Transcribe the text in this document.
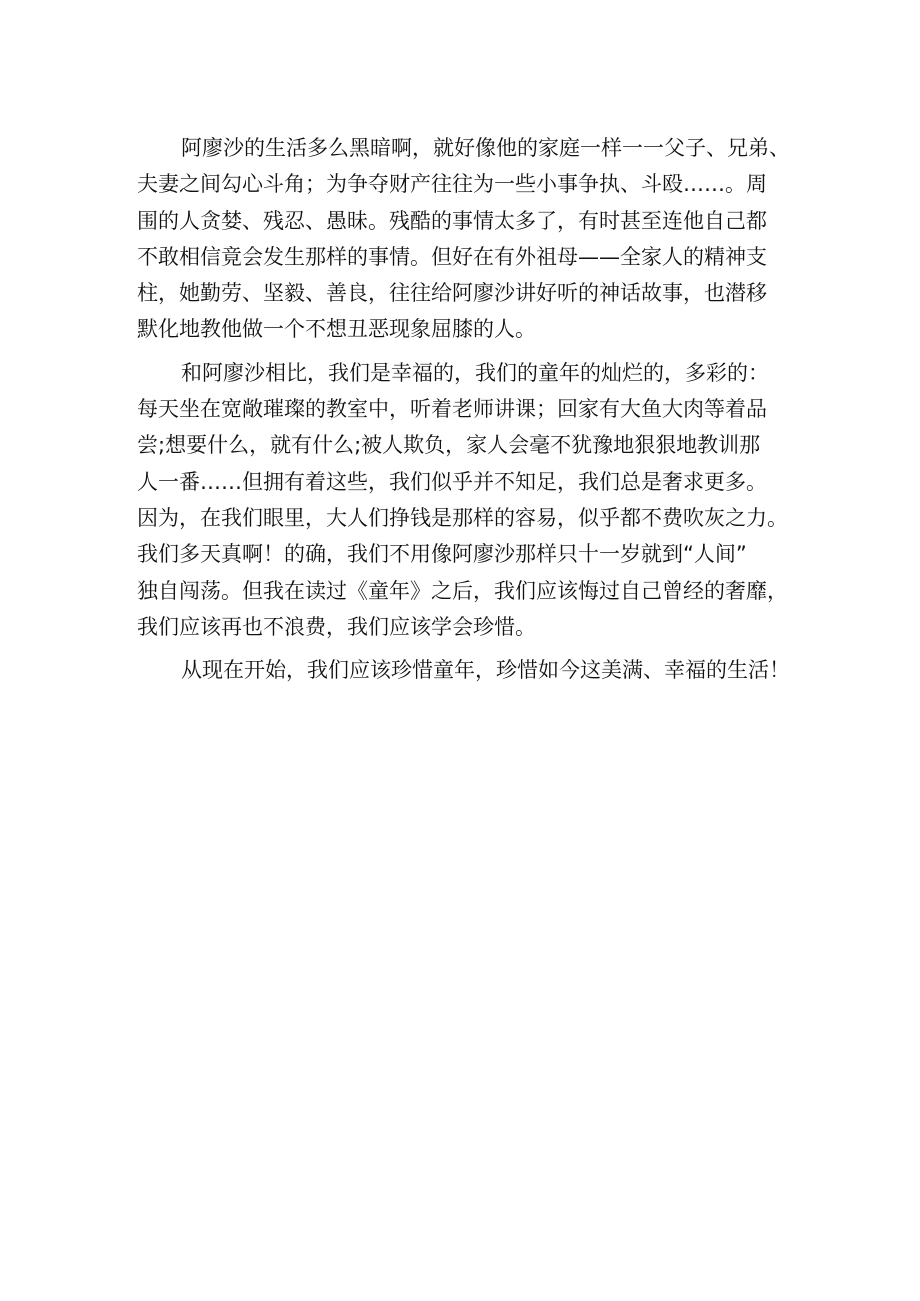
阿廖沙的生活多么黑暗啊，就好像他的家庭一样一一父子、兄弟、
夫妻之间勾心斗角；为争夺财产往往为一些小事争执、斗殴……。周
围的人贪婪、残忍、愚昧。残酷的事情太多了，有时甚至连他自己都
不敢相信竟会发生那样的事情。但好在有外祖母——全家人的精神支
柱，她勤劳、坚毅、善良，往往给阿廖沙讲好听的神话故事，也潜移
默化地教他做一个不想丑恶现象屈膝的人。

和阿廖沙相比，我们是幸福的，我们的童年的灿烂的，多彩的：
每天坐在宽敞璀璨的教室中，听着老师讲课；回家有大鱼大肉等着品
尝;想要什么，就有什么;被人欺负，家人会毫不犹豫地狠狠地教训那
人一番……但拥有着这些，我们似乎并不知足，我们总是奢求更多。
因为，在我们眼里，大人们挣钱是那样的容易，似乎都不费吹灰之力。
我们多天真啊！的确，我们不用像阿廖沙那样只十一岁就到“人间”
独自闯荡。但我在读过《童年》之后，我们应该悔过自己曾经的奢靡，
我们应该再也不浪费，我们应该学会珍惜。

从现在开始，我们应该珍惜童年，珍惜如今这美满、幸福的生活！
